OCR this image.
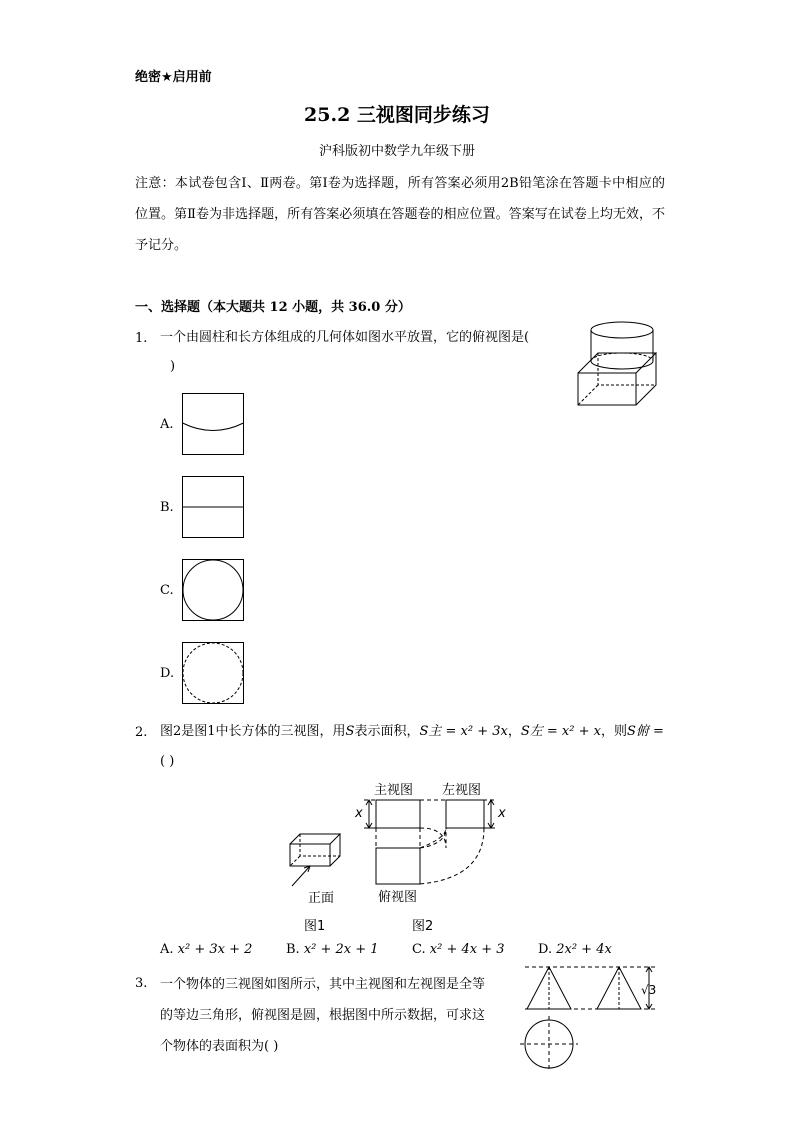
绝密★启用前
25.2 三视图同步练习
沪科版初中数学九年级下册
注意：本试卷包含Ⅰ、Ⅱ两卷。第Ⅰ卷为选择题，所有答案必须用2B铅笔涂在答题卡中相应的位置。第Ⅱ卷为非选择题，所有答案必须填在答题卷的相应位置。答案写在试卷上均无效，不予记分。
一、选择题（本大题共 12 小题，共 36.0 分）
1. 一个由圆柱和长方体组成的几何体如图水平放置，它的俯视图是(
)
A.
B.
C.
D.
2. 图2是图1中长方体的三视图，用S表示面积，S主 = x² + 3x，S左 = x² + x，则S俯 =
( )
主视图 左视图
俯视图
正面
图1	图2
x	x
A. x² + 3x + 2	B. x² + 2x + 1	C. x² + 4x + 3	D. 2x² + 4x
3. 一个物体的三视图如图所示，其中主视图和左视图是全等
的等边三角形，俯视图是圆，根据图中所示数据，可求这
个物体的表面积为( )
√3
